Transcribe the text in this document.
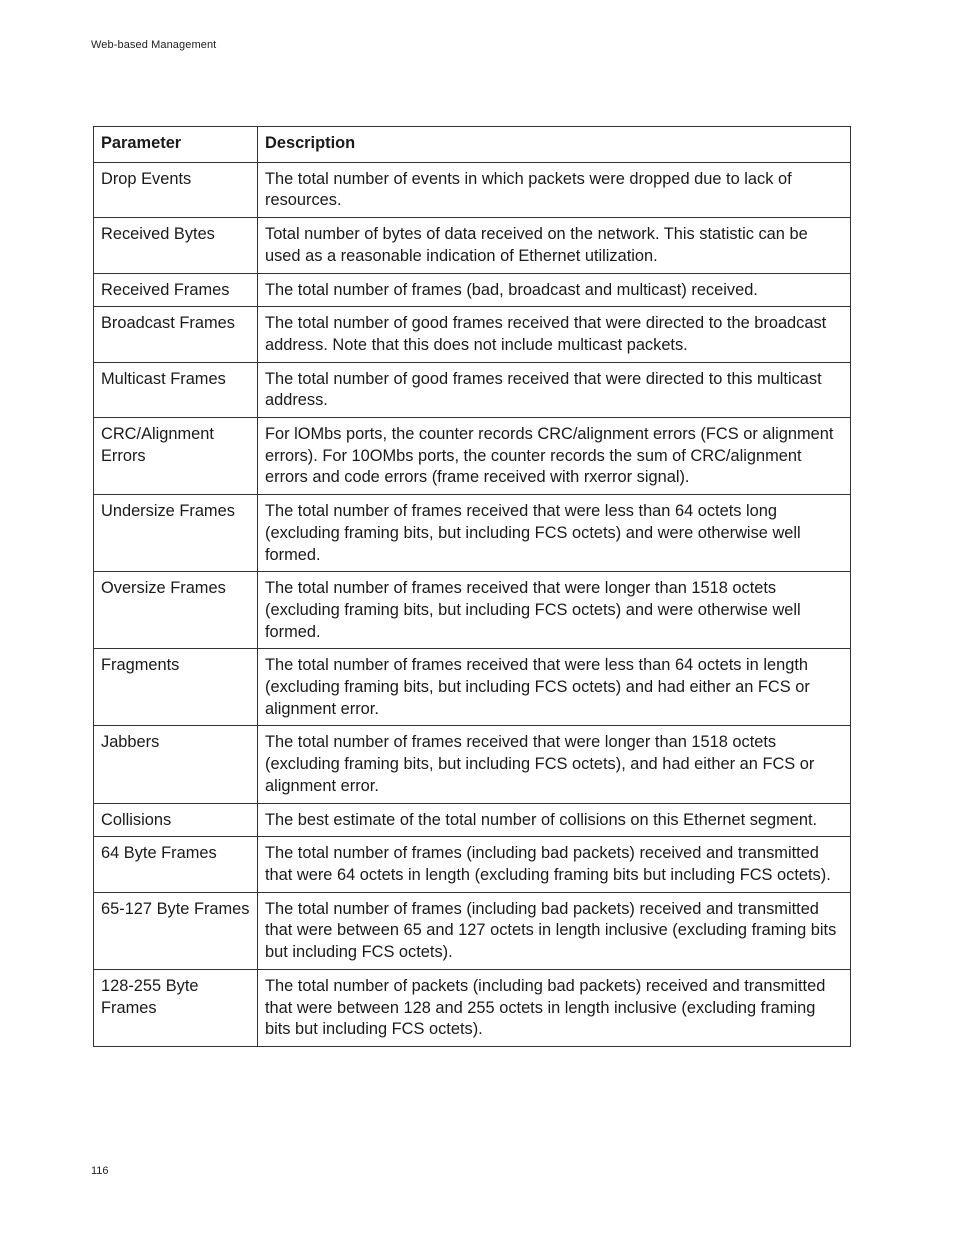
Web-based Management
Parameter	Description
Drop Events	The total number of events in which packets were dropped due to lack of resources.
Received Bytes	Total number of bytes of data received on the network. This statistic can be used as a reasonable indication of Ethernet utilization.
Received Frames	The total number of frames (bad, broadcast and multicast) received.
Broadcast Frames	The total number of good frames received that were directed to the broadcast address. Note that this does not include multicast packets.
Multicast Frames	The total number of good frames received that were directed to this multicast address.
CRC/Alignment Errors	For lOMbs ports, the counter records CRC/alignment errors (FCS or alignment errors). For 10OMbs ports, the counter records the sum of CRC/alignment errors and code errors (frame received with rxerror signal).
Undersize Frames	The total number of frames received that were less than 64 octets long (excluding framing bits, but including FCS octets) and were otherwise well formed.
Oversize Frames	The total number of frames received that were longer than 1518 octets (excluding framing bits, but including FCS octets) and were otherwise well formed.
Fragments	The total number of frames received that were less than 64 octets in length (excluding framing bits, but including FCS octets) and had either an FCS or alignment error.
Jabbers	The total number of frames received that were longer than 1518 octets (excluding framing bits, but including FCS octets), and had either an FCS or alignment error.
Collisions	The best estimate of the total number of collisions on this Ethernet segment.
64 Byte Frames	The total number of frames (including bad packets) received and transmitted that were 64 octets in length (excluding framing bits but including FCS octets).
65-127 Byte Frames	The total number of frames (including bad packets) received and transmitted that were between 65 and 127 octets in length inclusive (excluding framing bits but including FCS octets).
128-255 Byte Frames	The total number of packets (including bad packets) received and transmitted that were between 128 and 255 octets in length inclusive (excluding framing bits but including FCS octets).
116
